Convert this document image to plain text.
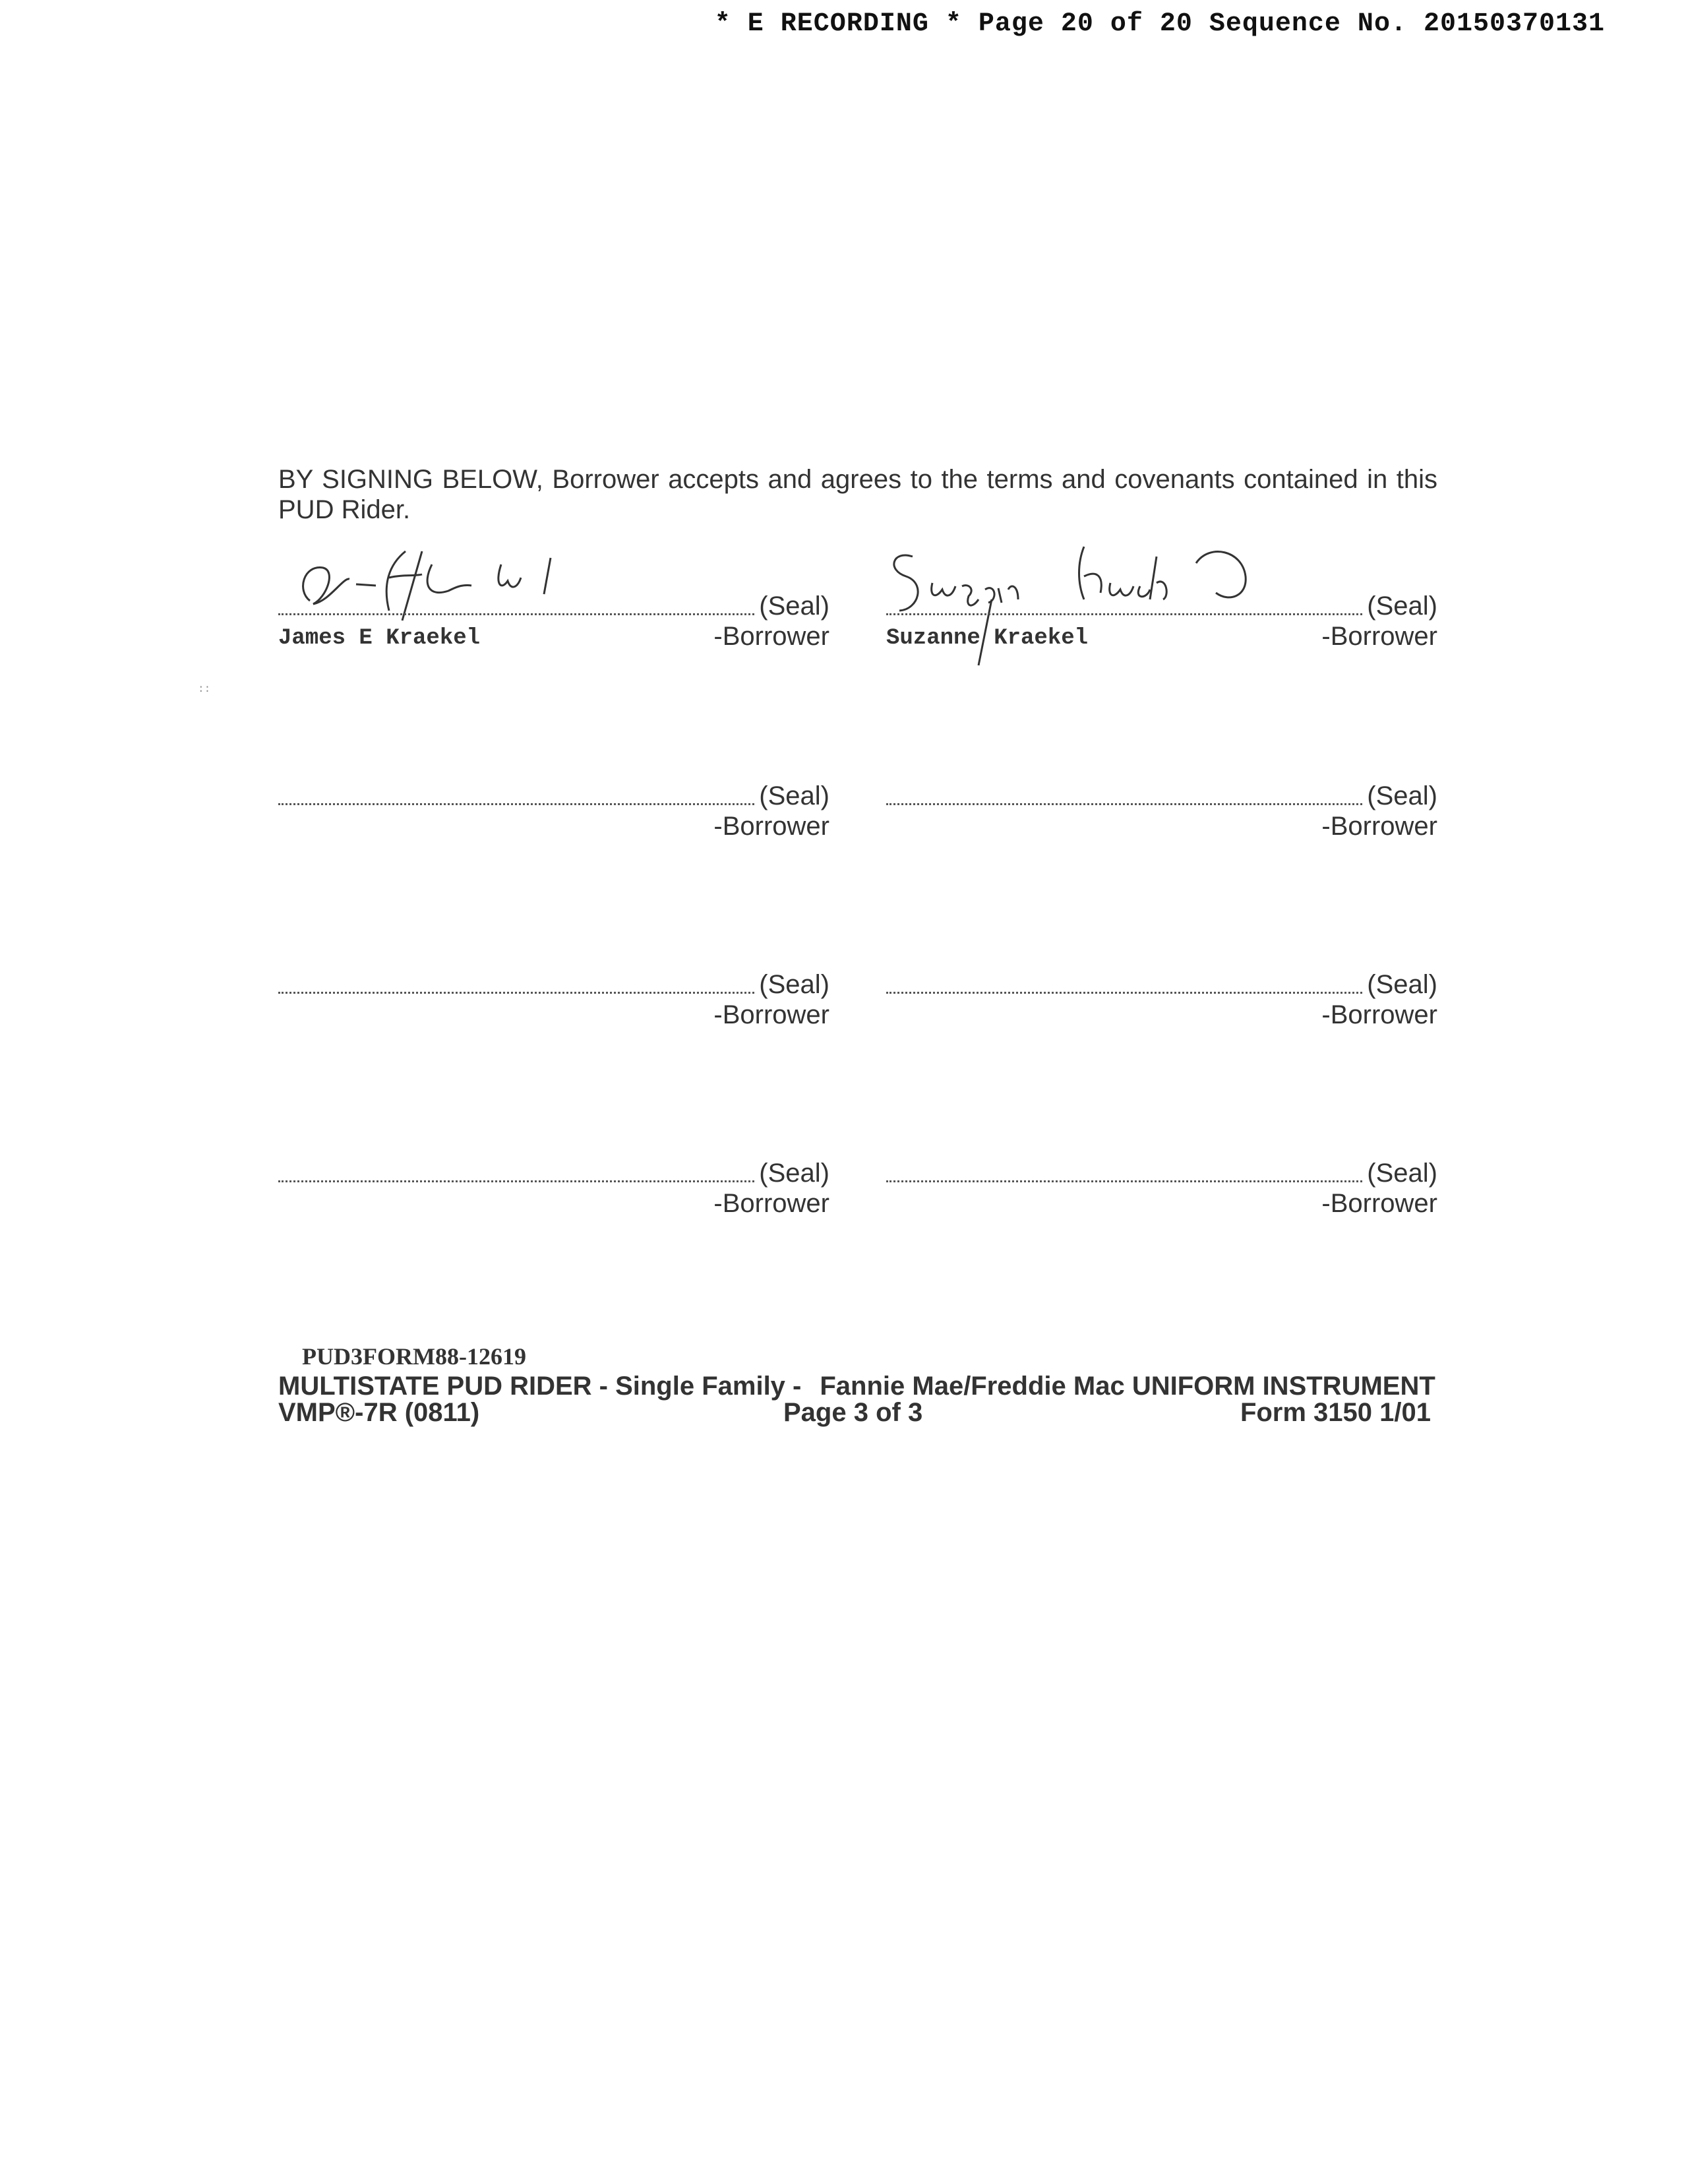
* E RECORDING * Page 20 of 20 Sequence No. 20150370131
::
BY SIGNING BELOW, Borrower accepts and agrees to the terms and covenants contained in this PUD Rider.
(Seal)
James E Kraekel	-Borrower
(Seal)
Suzanne Kraekel	-Borrower
(Seal)
-Borrower
(Seal)
-Borrower
(Seal)
-Borrower
(Seal)
-Borrower
(Seal)
-Borrower
(Seal)
-Borrower
PUD3FORM88-12619
MULTISTATE PUD RIDER - Single Family - Fannie Mae/Freddie Mac UNIFORM INSTRUMENT
VMP®-7R (0811)	Page 3 of 3	Form 3150 1/01
